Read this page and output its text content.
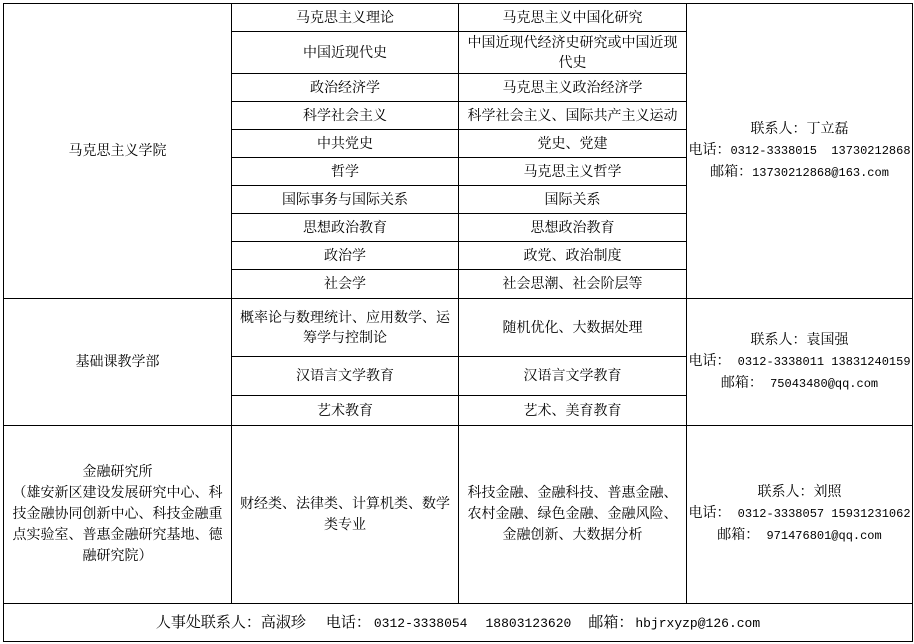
马克思主义学院	马克思主义理论	马克思主义中国化研究	联系人：丁立磊
电话：0312-3338015  13730212868
邮箱：13730212868@163.com

	中国近现代史	中国近现代经济史研究或中国近现代史	
	政治经济学	马克思主义政治经济学	
	科学社会主义	科学社会主义、国际共产主义运动	
	中共党史	党史、党建	
	哲学	马克思主义哲学	
	国际事务与国际关系	国际关系	
	思想政治教育	思想政治教育	
	政治学	政党、政治制度	
	社会学	社会思潮、社会阶层等	

基础课教学部	概率论与数理统计、应用数学、运筹学与控制论	随机优化、大数据处理	联系人：袁国强
电话： 0312-3338011 13831240159
邮箱： 75043480@qq.com

	汉语言文学教育	汉语言文学教育	
	艺术教育	艺术、美育教育	

金融研究所
（雄安新区建设发展研究中心、科技金融协同创新中心、科技金融重点实验室、普惠金融研究基地、德融研究院）	财经类、法律类、计算机类、数学类专业	科技金融、金融科技、普惠金融、农村金融、绿色金融、金融风险、金融创新、大数据分析	联系人：刘照
电话： 0312-3338057 15931231062
邮箱： 971476801@qq.com

人事处联系人：高淑珍 电话： 0312-3338054 18803123620 邮箱： hbjrxyzp@126.com			
